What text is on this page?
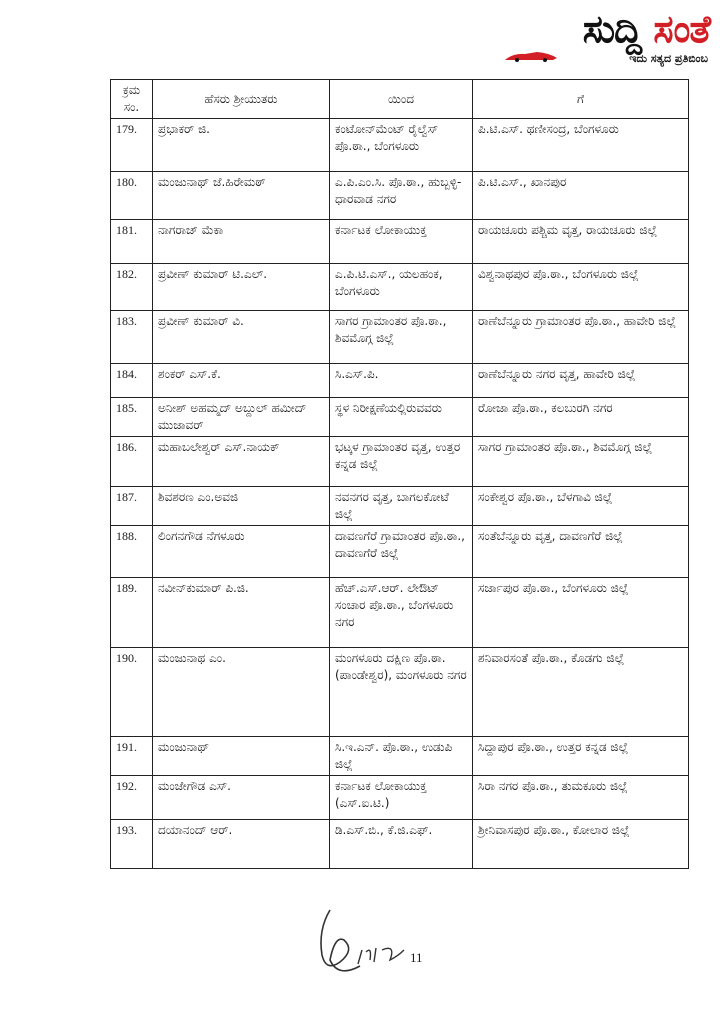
ಸುದ್ದಿ ಸಂತೆ
ಇದು ಸತ್ಯದ ಪ್ರತಿಬಿಂಬ
ಕ್ರಮ ಸಂ.	ಹೆಸರು ಶ್ರೀಯುತರು	ಯಿಂದ	ಗೆ
179.	ಪ್ರಭಾಕರ್ ಜಿ.	ಕಂಟೋನ್‌ಮೆಂಟ್ ರೈಲ್ವೆಸ್ ಪೊ.ಠಾ., ಬೆಂಗಳೂರು	ಪಿ.ಟಿ.ಎಸ್. ಥಣೀಸಂದ್ರ, ಬೆಂಗಳೂರು
180.	ಮಂಜುನಾಥ್ ಜೆ.ಹಿರೇಮಠ್	ಎ.ಪಿ.ಎಂ.ಸಿ. ಪೊ.ಠಾ., ಹುಬ್ಬಳ್ಳಿ-ಧಾರವಾಡ ನಗರ	ಪಿ.ಟಿ.ಎಸ್., ಖಾನಪುರ
181.	ನಾಗರಾಜ್ ಮೆಕಾ	ಕರ್ನಾಟಕ ಲೋಕಾಯುಕ್ತ	ರಾಯಚೂರು ಪಶ್ಚಿಮ ವೃತ್ತ, ರಾಯಚೂರು ಜಿಲ್ಲೆ
182.	ಪ್ರವೀಣ್ ಕುಮಾರ್ ಟಿ.ಎಲ್.	ಎ.ಪಿ.ಟಿ.ಎಸ್., ಯಲಹಂಕ, ಬೆಂಗಳೂರು	ವಿಶ್ವನಾಥಪುರ ಪೊ.ಠಾ., ಬೆಂಗಳೂರು ಜಿಲ್ಲೆ
183.	ಪ್ರವೀಣ್ ಕುಮಾರ್ ವಿ.	ಸಾಗರ ಗ್ರಾಮಾಂತರ ಪೊ.ಠಾ., ಶಿವಮೊಗ್ಗ ಜಿಲ್ಲೆ	ರಾಣೆಬೆನ್ನೂರು ಗ್ರಾಮಾಂತರ ಪೊ.ಠಾ., ಹಾವೇರಿ ಜಿಲ್ಲೆ
184.	ಶಂಕರ್ ಎಸ್.ಕೆ.	ಸಿ.ಎಸ್.ಪಿ.	ರಾಣೆಬೆನ್ನೂರು ನಗರ ವೃತ್ತ, ಹಾವೇರಿ ಜಿಲ್ಲೆ
185.	ಅನೀಶ್ ಅಹಮ್ಮದ್ ಅಬ್ದುಲ್ ಹಮೀದ್ ಮುಜಾವರ್	ಸ್ಥಳ ನಿರೀಕ್ಷಣೆಯಲ್ಲಿರುವವರು	ರೋಜಾ ಪೊ.ಠಾ., ಕಲಬುರಗಿ ನಗರ
186.	ಮಹಾಬಲೇಶ್ವರ್ ಎಸ್.ನಾಯಕ್	ಭಟ್ಕಳ ಗ್ರಾಮಾಂತರ ವೃತ್ತ, ಉತ್ತರ ಕನ್ನಡ ಜಿಲ್ಲೆ	ಸಾಗರ ಗ್ರಾಮಾಂತರ ಪೊ.ಠಾ., ಶಿವಮೊಗ್ಗ ಜಿಲ್ಲೆ
187.	ಶಿವಶರಣ ಎಂ.ಅವಜಿ	ನವನಗರ ವೃತ್ತ, ಬಾಗಲಕೋಟೆ ಜಿಲ್ಲೆ	ಸಂಕೇಶ್ವರ ಪೊ.ಠಾ., ಬೆಳಗಾವಿ ಜಿಲ್ಲೆ
188.	ಲಿಂಗನಗೌಡ ನೆಗಳೂರು	ದಾವಣಗೆರೆ ಗ್ರಾಮಾಂತರ ಪೊ.ಠಾ., ದಾವಣಗೆರೆ ಜಿಲ್ಲೆ	ಸಂತೆಬೆನ್ನೂರು ವೃತ್ತ, ದಾವಣಗೆರೆ ಜಿಲ್ಲೆ
189.	ನವೀನ್‌ಕುಮಾರ್ ಪಿ.ಜಿ.	ಹೆಚ್.ಎಸ್.ಆರ್. ಲೇಔಟ್ ಸಂಚಾರ ಪೊ.ಠಾ., ಬೆಂಗಳೂರು ನಗರ	ಸರ್ಜಾಪುರ ಪೊ.ಠಾ., ಬೆಂಗಳೂರು ಜಿಲ್ಲೆ
190.	ಮಂಜುನಾಥ ಎಂ.	ಮಂಗಳೂರು ದಕ್ಷಿಣ ಪೊ.ಠಾ. (ಪಾಂಡೇಶ್ವರ), ಮಂಗಳೂರು ನಗರ	ಶನಿವಾರಸಂತೆ ಪೊ.ಠಾ., ಕೊಡಗು ಜಿಲ್ಲೆ
191.	ಮಂಜುನಾಥ್	ಸಿ.ಇ.ಎನ್. ಪೊ.ಠಾ., ಉಡುಪಿ ಜಿಲ್ಲೆ	ಸಿದ್ದಾಪುರ ಪೊ.ಠಾ., ಉತ್ತರ ಕನ್ನಡ ಜಿಲ್ಲೆ
192.	ಮಂಜೇಗೌಡ ಎಸ್.	ಕರ್ನಾಟಕ ಲೋಕಾಯುಕ್ತ (ಎಸ್.ಐ.ಟಿ.)	ಸಿರಾ ನಗರ ಪೊ.ಠಾ., ತುಮಕೂರು ಜಿಲ್ಲೆ
193.	ದಯಾನಂದ್ ಆರ್.	ಡಿ.ಎಸ್.ಬಿ., ಕೆ.ಜಿ.ಎಫ್.	ಶ್ರೀನಿವಾಸಪುರ ಪೊ.ಠಾ., ಕೋಲಾರ ಜಿಲ್ಲೆ
11
